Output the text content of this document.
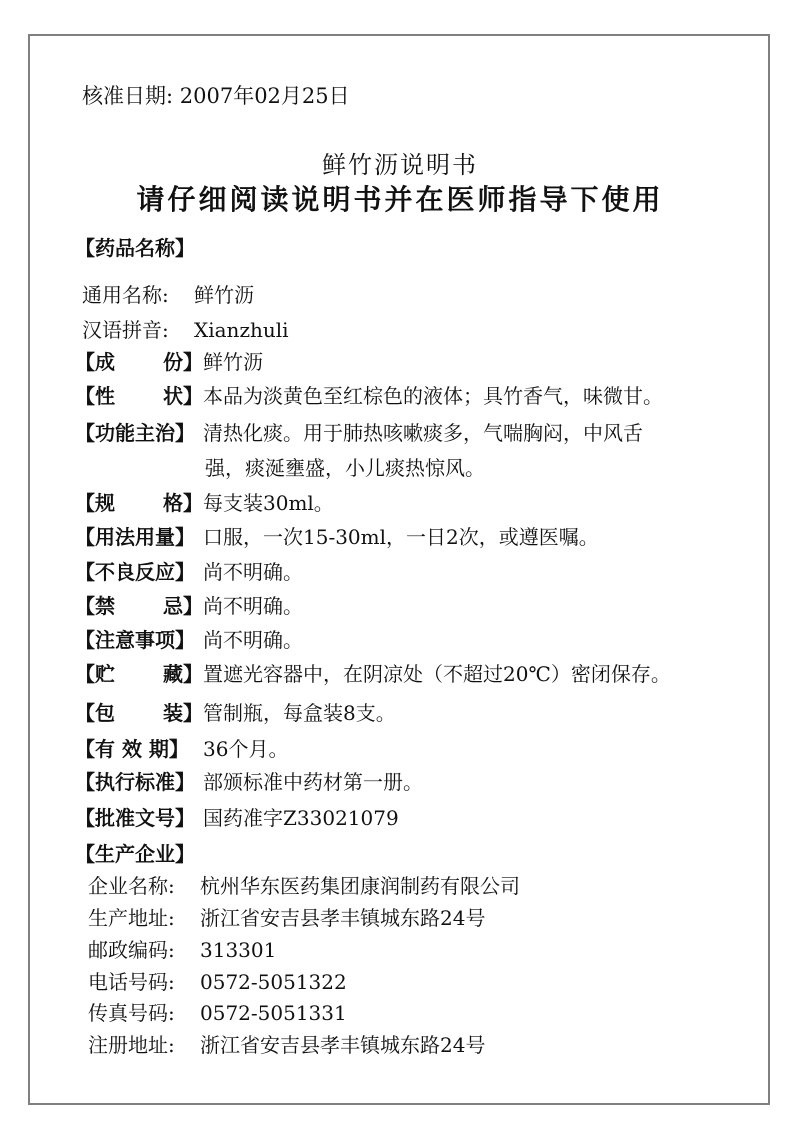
核准日期: 2007年02月25日
鲜竹沥说明书
请仔细阅读说明书并在医师指导下使用
【药品名称】
通用名称: 鲜竹沥
汉语拼音: Xianzhuli
【成 份】 鲜竹沥
【性 状】 本品为淡黄色至红棕色的液体；具竹香气，味微甘。
【功能主治】 清热化痰。用于肺热咳嗽痰多，气喘胸闷，中风舌
强，痰涎壅盛，小儿痰热惊风。
【规 格】 每支装30ml。
【用法用量】 口服，一次15-30ml，一日2次，或遵医嘱。
【不良反应】 尚不明确。
【禁 忌】 尚不明确。
【注意事项】 尚不明确。
【贮 藏】 置遮光容器中，在阴凉处（不超过20℃）密闭保存。
【包 装】 管制瓶，每盒装8支。
【有 效 期】 36个月。
【执行标准】 部颁标准中药材第一册。
【批准文号】 国药准字Z33021079
【生产企业】
企业名称: 杭州华东医药集团康润制药有限公司
生产地址: 浙江省安吉县孝丰镇城东路24号
邮政编码: 313301
电话号码: 0572-5051322
传真号码: 0572-5051331
注册地址: 浙江省安吉县孝丰镇城东路24号
